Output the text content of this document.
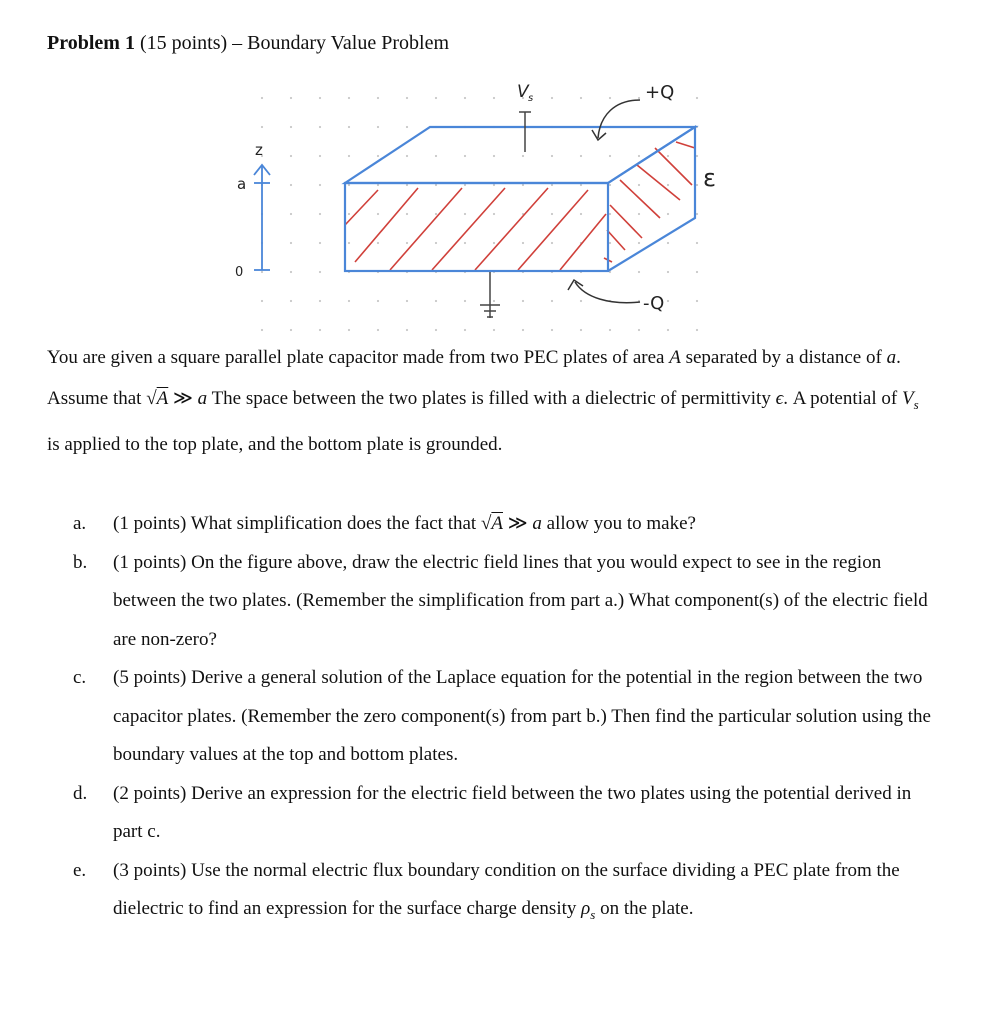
Problem 1 (15 points) – Boundary Value Problem
V s	+Q
ε
-Q
z
a
0
You are given a square parallel plate capacitor made from two PEC plates of area A separated by a distance of a. Assume that √A ≫ a The space between the two plates is filled with a dielectric of permittivity ϵ. A potential of $V_s$ is applied to the top plate, and the bottom plate is grounded.
a. (1 points) What simplification does the fact that √A ≫ a allow you to make?
b. (1 points) On the figure above, draw the electric field lines that you would expect to see in the region between the two plates. (Remember the simplification from part a.) What component(s) of the electric field are non-zero?
c. (5 points) Derive a general solution of the Laplace equation for the potential in the region between the two capacitor plates. (Remember the zero component(s) from part b.) Then find the particular solution using the boundary values at the top and bottom plates.
d. (2 points) Derive an expression for the electric field between the two plates using the potential derived in part c.
e. (3 points) Use the normal electric flux boundary condition on the surface dividing a PEC plate from the dielectric to find an expression for the surface charge density $\rho_s$ on the plate.
